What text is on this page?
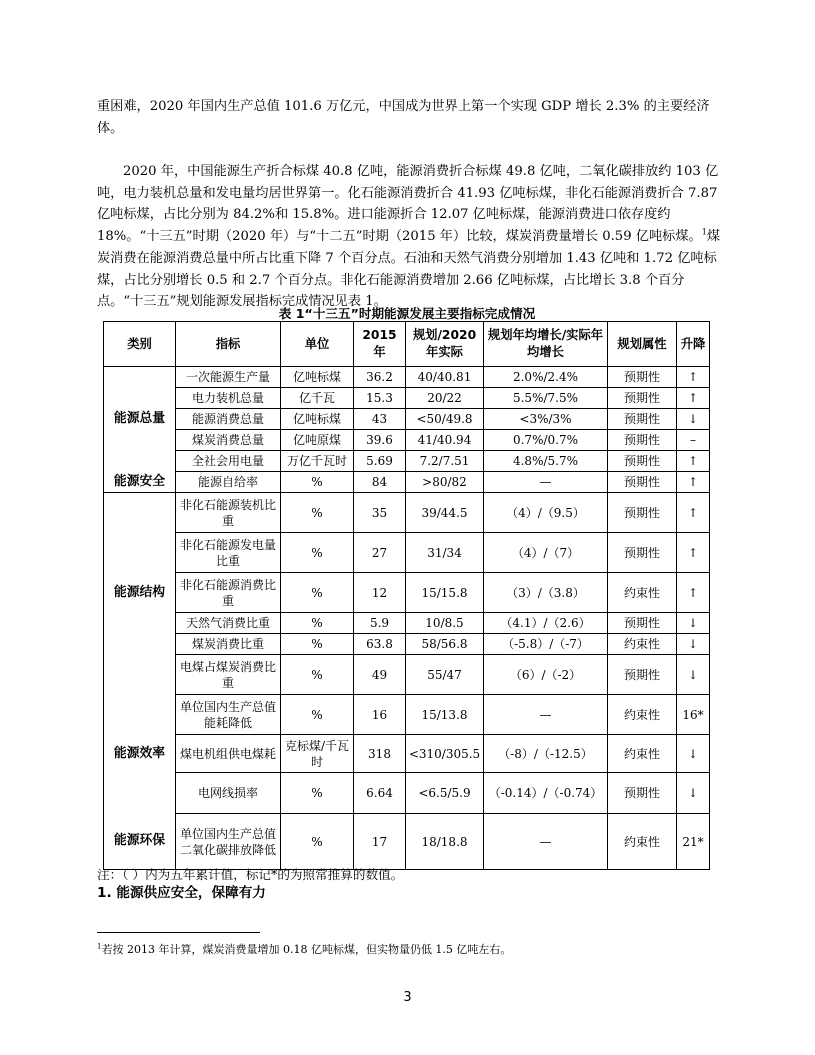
重困难，2020 年国内生产总值 101.6 万亿元，中国成为世界上第一个实现 GDP 增长 2.3% 的主要经济体。

2020 年，中国能源生产折合标煤 40.8 亿吨，能源消费折合标煤 49.8 亿吨，二氧化碳排放约 103 亿吨，电力装机总量和发电量均居世界第一。化石能源消费折合 41.93 亿吨标煤，非化石能源消费折合 7.87 亿吨标煤，占比分别为 84.2%和 15.8%。进口能源折合 12.07 亿吨标煤，能源消费进口依存度约 18%。“十三五”时期（2020 年）与“十二五”时期（2015 年）比较，煤炭消费量增长 0.59 亿吨标煤。$^1$煤炭消费在能源消费总量中所占比重下降 7 个百分点。石油和天然气消费分别增加 1.43 亿吨和 1.72 亿吨标煤，占比分别增长 0.5 和 2.7 个百分点。非化石能源消费增加 2.66 亿吨标煤，占比增长 3.8 个百分点。“十三五”规划能源发展指标完成情况见表 1。

表 1“十三五”时期能源发展主要指标完成情况

类别	指标	单位	2015 年	规划/2020 年实际	规划年均增长/实际年均增长	规划属性	升降
	一次能源生产量	亿吨标煤	36.2	40/40.81	2.0%/2.4%	预期性	↑
	电力装机总量	亿千瓦	15.3	20/22	5.5%/7.5%	预期性	↑
能源总量	能源消费总量	亿吨标煤	43	<50/49.8	<3%/3%	预期性	↓
	煤炭消费总量	亿吨原煤	39.6	41/40.94	0.7%/0.7%	预期性	–
	全社会用电量	万亿千瓦时	5.69	7.2/7.51	4.8%/5.7%	预期性	↑
能源安全	能源自给率	%	84	>80/82	—	预期性	↑
	非化石能源装机比重	%	35	39/44.5	（4）/（9.5）	预期性	↑
	非化石能源发电量比重	%	27	31/34	（4）/（7）	预期性	↑
能源结构	非化石能源消费比重	%	12	15/15.8	（3）/（3.8）	约束性	↑
	天然气消费比重	%	5.9	10/8.5	（4.1）/（2.6）	预期性	↓
	煤炭消费比重	%	63.8	58/56.8	（-5.8）/（-7）	约束性	↓
	电煤占煤炭消费比重	%	49	55/47	（6）/（-2）	预期性	↓
	单位国内生产总值能耗降低	%	16	15/13.8	—	约束性	16*
能源效率	煤电机组供电煤耗	克标煤/千瓦时	318	<310/305.5	（-8）/（-12.5）	约束性	↓
	电网线损率	%	6.64	<6.5/5.9	（-0.14）/（-0.74）	预期性	↓
能源环保	单位国内生产总值二氧化碳排放降低	%	17	18/18.8	—	约束性	21*

注：（ ）内为五年累计值，标记*的为照常推算的数值。

1. 能源供应安全，保障有力

$^1$若按 2013 年计算，煤炭消费量增加 0.18 亿吨标煤，但实物量仍低 1.5 亿吨左右。

3
